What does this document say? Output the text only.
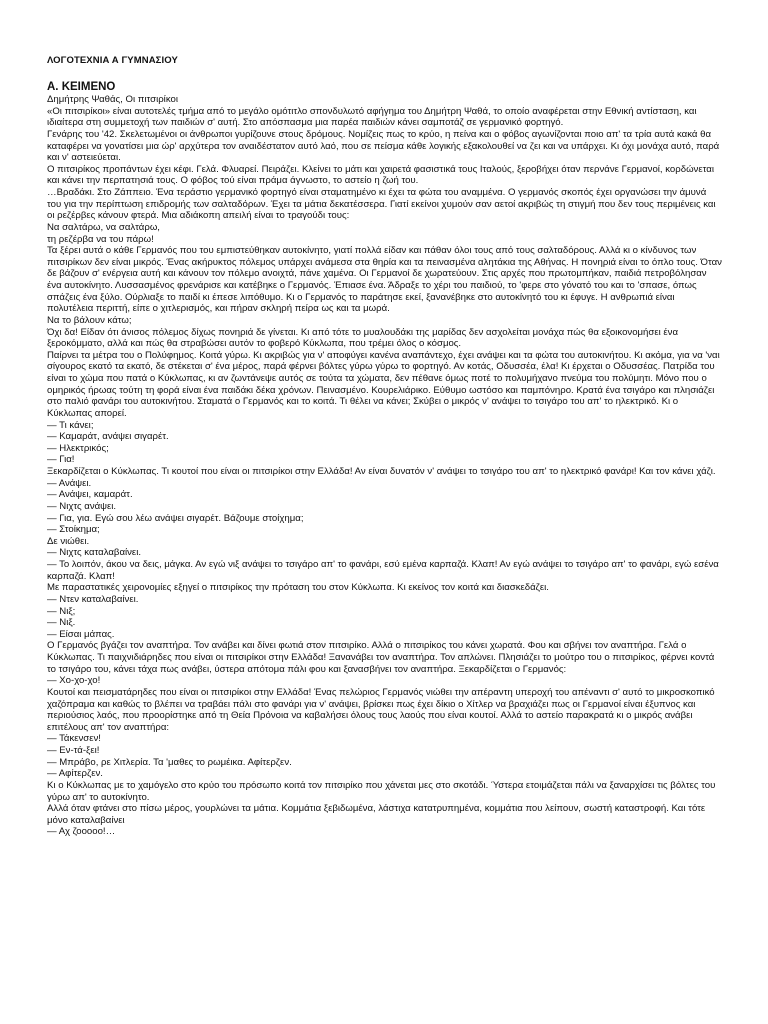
ΛΟΓΟΤΕΧΝΙΑ Α ΓΥΜΝΑΣΙΟΥ
Α. ΚΕΙΜΕΝΟ

Δημήτρης Ψαθάς, Οι πιτσιρίκοι

«Οι πιτσιρίκοι» είναι αυτοτελές τμήμα από το μεγάλο ομότιτλο σπονδυλωτό αφήγημα του Δημήτρη Ψαθά, το οποίο αναφέρεται στην Εθνική αντίσταση, και ιδιαίτερα στη συμμετοχή των παιδιών σ' αυτή. Στο απόσπασμα μια παρέα παιδιών κάνει σαμποτάζ σε γερμανικό φορτηγό.

Γενάρης του '42. Σκελετωμένοι οι άνθρωποι γυρίζουνε στους δρόμους. Νομίζεις πως το κρύο, η πείνα και ο φόβος αγωνίζονται ποιο απ' τα τρία αυτά κακά θα καταφέρει να γονατίσει μια ώρ' αρχύτερα τον αναιδέστατον αυτό λαό, που σε πείσμα κάθε λογικής εξακολουθεί να ζει και να υπάρχει. Κι όχι μονάχα αυτό, παρά και ν' αστειεύεται.

Ο πιτσιρίκος προπάντων έχει κέφι. Γελά. Φλυαρεί. Πειράζει. Κλείνει το μάτι και χαιρετά φασιστικά τους Ιταλούς, ξεροβήχει όταν περνάνε Γερμανοί, κορδώνεται και κάνει την περπατησιά τους. Ο φόβος τού είναι πράμα άγνωστο, το αστείο η ζωή του.

…Βραδάκι. Στο Ζάππειο. Ένα τεράστιο γερμανικό φορτηγό είναι σταματημένο κι έχει τα φώτα του αναμμένα. Ο γερμανός σκοπός έχει οργανώσει την άμυνά του για την περίπτωση επιδρομής των σαλταδόρων. Έχει τα μάτια δεκατέσσερα. Γιατί εκείνοι χυμούν σαν αετοί ακριβώς τη στιγμή που δεν τους περιμένεις και οι ρεζέρβες κάνουν φτερά. Μια αδιάκοπη απειλή είναι το τραγούδι τους:

Να σαλτάρω, να σαλτάρω,

τη ρεζέρβα να του πάρω!

Τα ξέρει αυτά ο κάθε Γερμανός που του εμπιστεύθηκαν αυτοκίνητο, γιατί πολλά είδαν και πάθαν όλοι τους από τους σαλταδόρους. Αλλά κι ο κίνδυνος των πιτσιρίκων δεν είναι μικρός. Ένας ακήρυκτος πόλεμος υπάρχει ανάμεσα στα θηρία και τα πεινασμένα αλητάκια της Αθήνας. Η πονηριά είναι το όπλο τους. Όταν δε βάζουν σ' ενέργεια αυτή και κάνουν τον πόλεμο ανοιχτά, πάνε χαμένα. Οι Γερμανοί δε χωρατεύουν. Στις αρχές που πρωτομπήκαν, παιδιά πετροβόλησαν ένα αυτοκίνητο. Λυσσασμένος φρενάρισε και κατέβηκε ο Γερμανός. Έπιασε ένα. Άδραξε το χέρι του παιδιού, το 'φερε στο γόνατό του και το 'σπασε, όπως σπάζεις ένα ξύλο. Ούρλιαξε το παιδί κι έπεσε λιπόθυμο. Κι ο Γερμανός το παράτησε εκεί, ξανανέβηκε στο αυτοκίνητό του κι έφυγε. Η ανθρωπιά είναι πολυτέλεια περιττή, είπε ο χιτλερισμός, και πήραν σκληρή πείρα ως και τα μωρά.

Να το βάλουν κάτω;

Όχι δα! Είδαν ότι άνισος πόλεμος δίχως πονηριά δε γίνεται. Κι από τότε το μυαλουδάκι της μαρίδας δεν ασχολείται μονάχα πώς θα εξοικονομήσει ένα ξεροκόμματο, αλλά και πώς θα στραβώσει αυτόν το φοβερό Κύκλωπα, που τρέμει όλος ο κόσμος.

Παίρνει τα μέτρα του ο Πολύφημος. Κοιτά γύρω. Κι ακριβώς για ν' αποφύγει κανένα αναπάντεχο, έχει ανάψει και τα φώτα του αυτοκινήτου. Κι ακόμα, για να 'ναι σίγουρος εκατό τα εκατό, δε στέκεται σ' ένα μέρος, παρά φέρνει βόλτες γύρω γύρω το φορτηγό. Αν κοτάς, Οδυσσέα, έλα! Κι έρχεται ο Οδυσσέας. Πατρίδα του είναι το χώμα που πατά ο Κύκλωπας, κι αν ζωντάνεψε αυτός σε τούτα τα χώματα, δεν πέθανε όμως ποτέ το πολυμήχανο πνεύμα του πολύμητι. Μόνο που ο ομηρικός ήρωας τούτη τη φορά είναι ένα παιδάκι δέκα χρόνων. Πεινασμένο. Κουρελιάρικο. Εύθυμο ωστόσο και παμπόνηρο. Κρατά ένα τσιγάρο και πλησιάζει στο παλιό φανάρι του αυτοκινήτου. Σταματά ο Γερμανός και το κοιτά. Τι θέλει να κάνει; Σκύβει ο μικρός ν' ανάψει το τσιγάρο του απ' το ηλεκτρικό. Κι ο Κύκλωπας απορεί.

— Τι κάνει;

— Καμαράτ, ανάψει σιγαρέτ.

— Ηλεκτρικός;

— Για!

Ξεκαρδίζεται ο Κύκλωπας. Τι κουτοί που είναι οι πιτσιρίκοι στην Ελλάδα! Αν είναι δυνατόν ν' ανάψει το τσιγάρο του απ' το ηλεκτρικό φανάρι! Και τον κάνει χάζι.

— Ανάψει.

— Ανάψει, καμαράτ.

— Νιχτς ανάψει.

— Για, για. Εγώ σου λέω ανάψει σιγαρέτ. Βάζουμε στοίχημα;

— Στοίκημα;

Δε νιώθει.

— Νιχτς καταλαβαίνει.

— Το λοιπόν, άκου να δεις, μάγκα. Αν εγώ νιξ ανάψει το τσιγάρο απ' το φανάρι, εσύ εμένα καρπαζά. Κλαπ! Αν εγώ ανάψει το τσιγάρο απ' το φανάρι, εγώ εσένα καρπαζά. Κλαπ!

Με παραστατικές χειρονομίες εξηγεί ο πιτσιρίκος την πρόταση του στον Κύκλωπα. Κι εκείνος τον κοιτά και διασκεδάζει.

— Ντεν καταλαβαίνει.

— Νιξ;

— Νιξ.

— Είσαι μάπας.

Ο Γερμανός βγάζει τον αναπτήρα. Τον ανάβει και δίνει φωτιά στον πιτσιρίκο. Αλλά ο πιτσιρίκος του κάνει χωρατά. Φου και σβήνει τον αναπτήρα. Γελά ο Κύκλωπας. Τι παιχνιδιάρηδες που είναι οι πιτσιρίκοι στην Ελλάδα! Ξανανάβει τον αναπτήρα. Τον απλώνει. Πλησιάζει το μούτρο του ο πιτσιρίκος, φέρνει κοντά το τσιγάρο του, κάνει τάχα πως ανάβει, ύστερα απότομα πάλι φου και ξανασβήνει τον αναπτήρα. Ξεκαρδίζεται ο Γερμανός:

— Χο-χο-χο!

Κουτοί και πεισματάρηδες που είναι οι πιτσιρίκοι στην Ελλάδα! Ένας πελώριος Γερμανός νιώθει την απέραντη υπεροχή του απέναντι σ' αυτό το μικροσκοπικό χαζόπραμα και καθώς το βλέπει να τραβάει πάλι στο φανάρι για ν' ανάψει, βρίσκει πως έχει δίκιο ο Χίτλερ να βραχιάζει πως οι Γερμανοί είναι έξυπνος και περιούσιος λαός, που προορίστηκε από τη Θεία Πρόνοια να καβαλήσει όλους τους λαούς που είναι κουτοί. Αλλά το αστείο παρακρατά κι ο μικρός ανάβει επιτέλους απ' τον αναπτήρα:

— Τάκενσεν!

— Εν-τά-ξει!

— Μπράβο, ρε Χιτλερία. Τα 'μαθες το ρωμέικα. Αφίτερζεν.

— Αφίτερζεν.

Κι ο Κύκλωπας με το χαμόγελο στο κρύο του πρόσωπο κοιτά τον πιτσιρίκο που χάνεται μες στο σκοτάδι. Ύστερα ετοιμάζεται πάλι να ξαναρχίσει τις βόλτες του γύρω απ' το αυτοκίνητο.

Αλλά όταν φτάνει στο πίσω μέρος, γουρλώνει τα μάτια. Κομμάτια ξεβιδωμένα, λάστιχα κατατρυπημένα, κομμάτια που λείπουν, σωστή καταστροφή. Και τότε μόνο καταλαβαίνει

— Αχ ζοοοοο!…
